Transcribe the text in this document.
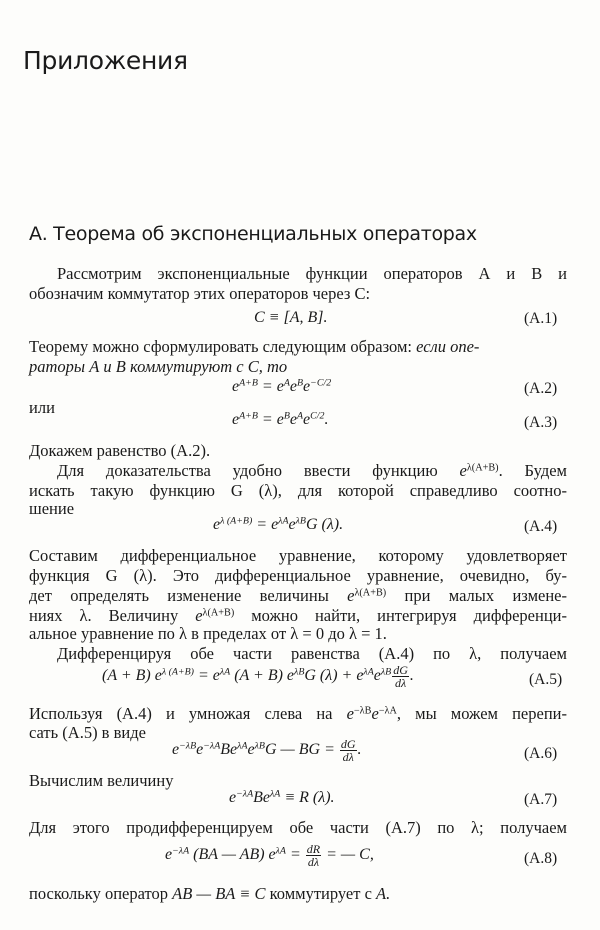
Приложения
А. Теорема об экспоненциальных операторах
Рассмотрим экспоненциальные функции операторов А и В и
обозначим коммутатор этих операторов через С:
C ≡ [A, B].	(А.1)
Теорему можно сформулировать следующим образом: если опе-
раторы А и В коммутируют с С, то
$e^{A+B} = e^Ae^Be^{-C/2}$	(А.2)
или
$e^{A+B} = e^Be^Ae^{C/2}$.	(А.3)
Докажем равенство (А.2).
Для доказательства удобно ввести функцию $e^{\lambda(A+B)}$. Будем
искать такую функцию G (λ), для которой справедливо соотно-
шение
$e^{\lambda (A+B)} = e^{\lambda A}e^{\lambda B}G$ (λ).	(А.4)
Составим дифференциальное уравнение, которому удовлетворяет
функция G (λ). Это дифференциальное уравнение, очевидно, бу-
дет определять изменение величины $e^{\lambda(A+B)}$ при малых измене-
ниях λ. Величину $e^{\lambda(A+B)}$ можно найти, интегрируя дифференци-
альное уравнение по λ в пределах от λ = 0 до λ = 1.
Дифференцируя обе части равенства (А.4) по λ, получаем
(A + B) $e^{\lambda (A+B)} = e^{\lambda A}$ (A + B) $e^{\lambda B}G$ $(\lambda) + e^{\lambda A}e^{\lambda B} \frac{dG}{d\lambda}$ .	(А.5)
Используя (А.4) и умножая слева на $e^{-\lambda B}e^{-\lambda A}$, мы можем перепи-
сать (А.5) в виде
$e^{-\lambda B}e^{-\lambda A}Be^{\lambda A}e^{\lambda B}G$ — BG = $\frac{dG}{d\lambda}$ .	(А.6)
Вычислим величину
$e^{-\lambda A}Be^{\lambda A} \equiv R$ (λ).	(А.7)
Для этого продифференцируем обе части (А.7) по λ; получаем
$e^{-\lambda A}$ (BA — AB) $e^{\lambda A} = \frac{dR}{d\lambda}$ = — C,	(А.8)
поскольку оператор AB — BA ≡ C коммутирует с А.
